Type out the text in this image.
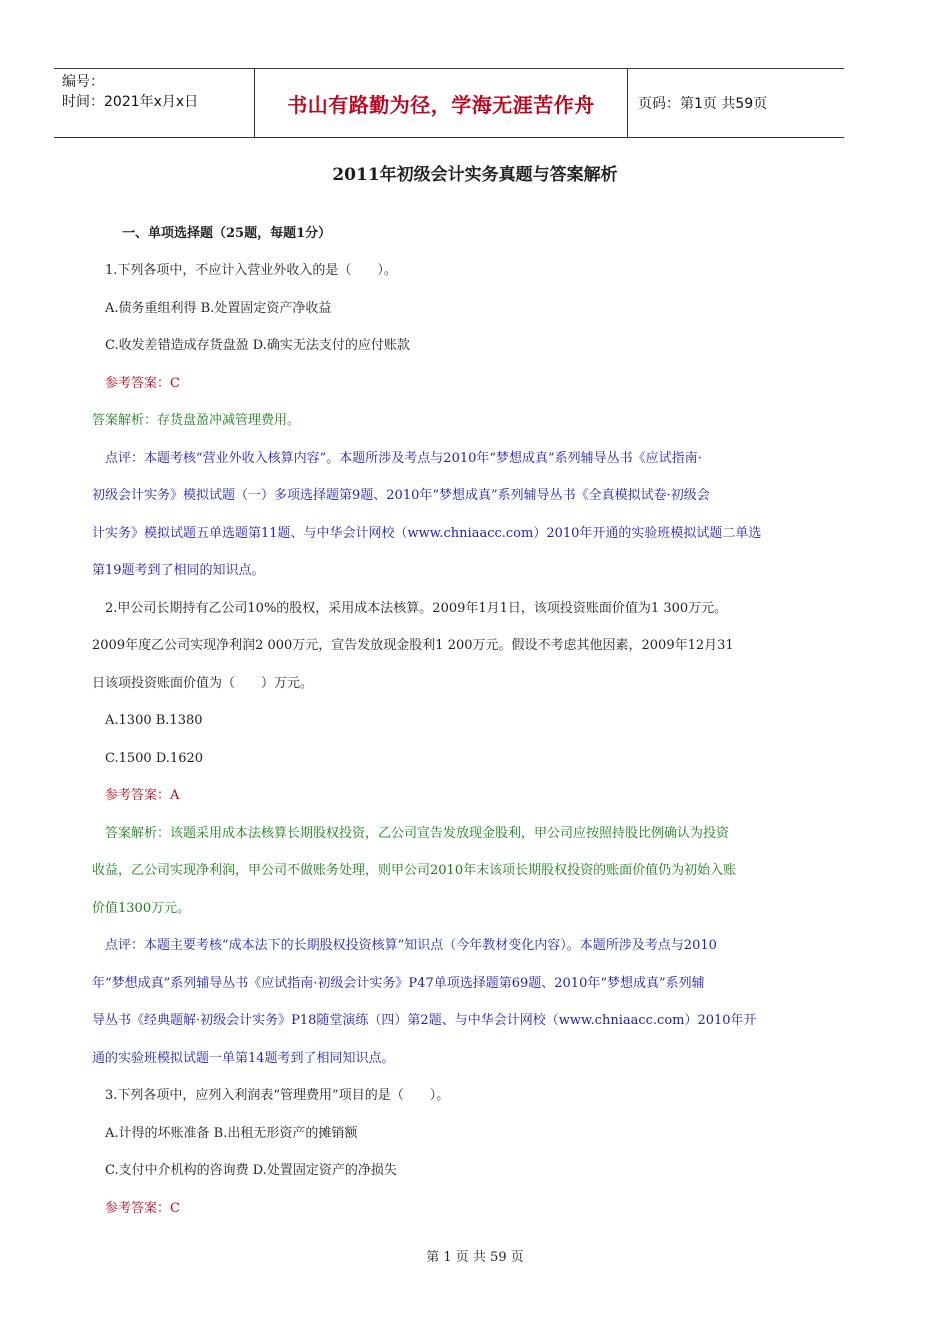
编号：
时间：2021年x月x日	书山有路勤为径，学海无涯苦作舟	页码：第1页 共59页
2011年初级会计实务真题与答案解析
一、单项选择题（25题，每题1分）

1.下列各项中，不应计入营业外收入的是（　　）。

A.债务重组利得 B.处置固定资产净收益

C.收发差错造成存货盘盈 D.确实无法支付的应付账款

参考答案：C

答案解析：存货盘盈冲减管理费用。

点评：本题考核“营业外收入核算内容”。本题所涉及考点与2010年“梦想成真”系列辅导丛书《应试指南·

初级会计实务》模拟试题（一）多项选择题第9题、2010年“梦想成真”系列辅导丛书《全真模拟试卷·初级会

计实务》模拟试题五单选题第11题、与中华会计网校（www.chniaacc.com）2010年开通的实验班模拟试题二单选

第19题考到了相同的知识点。

2.甲公司长期持有乙公司10%的股权，采用成本法核算。2009年1月1日，该项投资账面价值为1 300万元。

2009年度乙公司实现净利润2 000万元，宣告发放现金股利1 200万元。假设不考虑其他因素，2009年12月31

日该项投资账面价值为（　　）万元。

A.1300 B.1380

C.1500 D.1620

参考答案：A

答案解析：该题采用成本法核算长期股权投资，乙公司宣告发放现金股利，甲公司应按照持股比例确认为投资

收益，乙公司实现净利润，甲公司不做账务处理，则甲公司2010年末该项长期股权投资的账面价值仍为初始入账

价值1300万元。

点评：本题主要考核“成本法下的长期股权投资核算”知识点（今年教材变化内容）。本题所涉及考点与2010

年“梦想成真”系列辅导丛书《应试指南·初级会计实务》P47单项选择题第69题、2010年“梦想成真”系列辅

导丛书《经典题解·初级会计实务》P18随堂演练（四）第2题、与中华会计网校（www.chniaacc.com）2010年开

通的实验班模拟试题一单第14题考到了相同知识点。

3.下列各项中，应列入利润表“管理费用”项目的是（　　）。

A.计得的坏账准备 B.出租无形资产的摊销额

C.支付中介机构的咨询费 D.处置固定资产的净损失

参考答案：C

第 1 页 共 59 页
